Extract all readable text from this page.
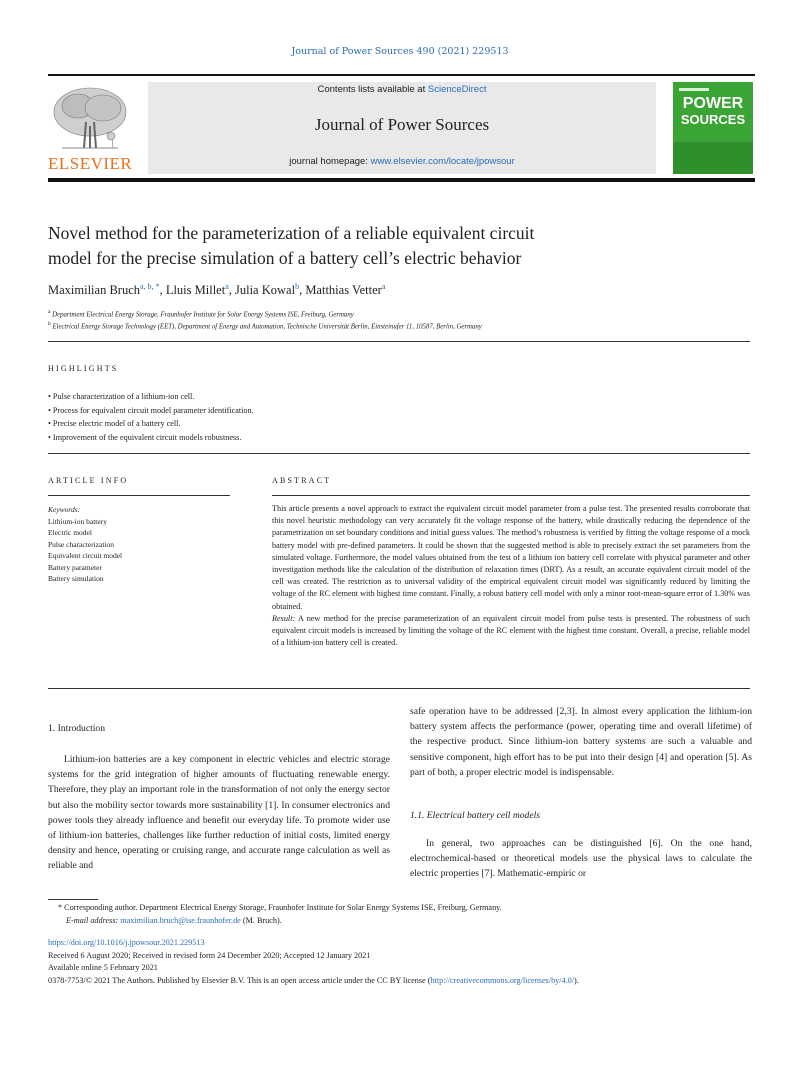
Journal of Power Sources 490 (2021) 229513
ELSEVIER
Contents lists available at ScienceDirect
Journal of Power Sources
journal homepage: www.elsevier.com/locate/jpowsour
POWER
SOURCES
Novel method for the parameterization of a reliable equivalent circuit
model for the precise simulation of a battery cell’s electric behavior
Maximilian Bruch$^{a, b, *}$, Lluis Millet$^a$, Julia Kowal$^b$, Matthias Vetter$^a$
$^a$ Department Electrical Energy Storage, Fraunhofer Institute for Solar Energy Systems ISE, Freiburg, Germany
$^b$ Electrical Energy Storage Technology (EET), Department of Energy and Automation, Technische Universität Berlin, Einsteinufer 11, 10587, Berlin, Germany
HIGHLIGHTS
• Pulse characterization of a lithium-ion cell.
• Process for equivalent circuit model parameter identification.
• Precise electric model of a battery cell.
• Improvement of the equivalent circuit models robustness.
ARTICLE INFO
Keywords:
Lithium-ion battery
Electric model
Pulse characterization
Equivalent circuit model
Battery parameter
Battery simulation
ABSTRACT

This article presents a novel approach to extract the equivalent circuit model parameter from a pulse test. The presented results corroborate that this novel heuristic methodology can very accurately fit the voltage response of the battery, while drastically reducing the dependence of the parametrization on set boundary conditions and initial guess values. The method’s robustness is verified by fitting the voltage response of a mock battery model with pre-defined parameters. It could be shown that the suggested method is able to precisely extract the set parameters from the simulated voltage. Furthermore, the model values obtained from the test of a lithium ion battery cell correlate with physical parameter and other investigation methods like the calculation of the distribution of relaxation times (DRT). As a result, an accurate equivalent circuit model of the cell was created. The restriction as to universal validity of the empirical equivalent circuit model was significantly reduced by limiting the voltage of the RC element with highest time constant. Finally, a robust battery cell model with only a minor root-mean-square error of 1.30% was obtained.

Result: A new method for the precise parameterization of an equivalent circuit model from pulse tests is presented. The robustness of such equivalent circuit models is increased by limiting the voltage of the RC element with the highest time constant. Overall, a precise, reliable model of a lithium-ion battery cell is created.

1. Introduction

Lithium-ion batteries are a key component in electric vehicles and electric storage systems for the grid integration of higher amounts of fluctuating renewable energy. Therefore, they play an important role in the transformation of not only the energy sector but also the mobility sector towards more sustainability [1]. In consumer electronics and power tools they already influence and benefit our everyday life. To promote wider use of lithium-ion batteries, challenges like further reduction of initial costs, limited energy density and hence, operating or cruising range, and accurate range calculation as well as reliable and

safe operation have to be addressed [2,3]. In almost every application the lithium-ion battery system affects the performance (power, operating time and overall lifetime) of the respective product. Since lithium-ion battery systems are such a valuable and sensitive component, high effort has to be put into their design [4] and operation [5]. As part of both, a proper electric model is indispensable.

1.1. Electrical battery cell models

In general, two approaches can be distinguished [6]. On the one hand, electrochemical-based or theoretical models use the physical laws to calculate the electric properties [7]. Mathematic-empiric or

* Corresponding author. Department Electrical Energy Storage, Fraunhofer Institute for Solar Energy Systems ISE, Freiburg, Germany.
E-mail address: maximilian.bruch@ise.fraunhofer.de (M. Bruch).
https://doi.org/10.1016/j.jpowsour.2021.229513
Received 6 August 2020; Received in revised form 24 December 2020; Accepted 12 January 2021
Available online 5 February 2021
0378-7753/© 2021 The Authors. Published by Elsevier B.V. This is an open access article under the CC BY license (http://creativecommons.org/licenses/by/4.0/).
